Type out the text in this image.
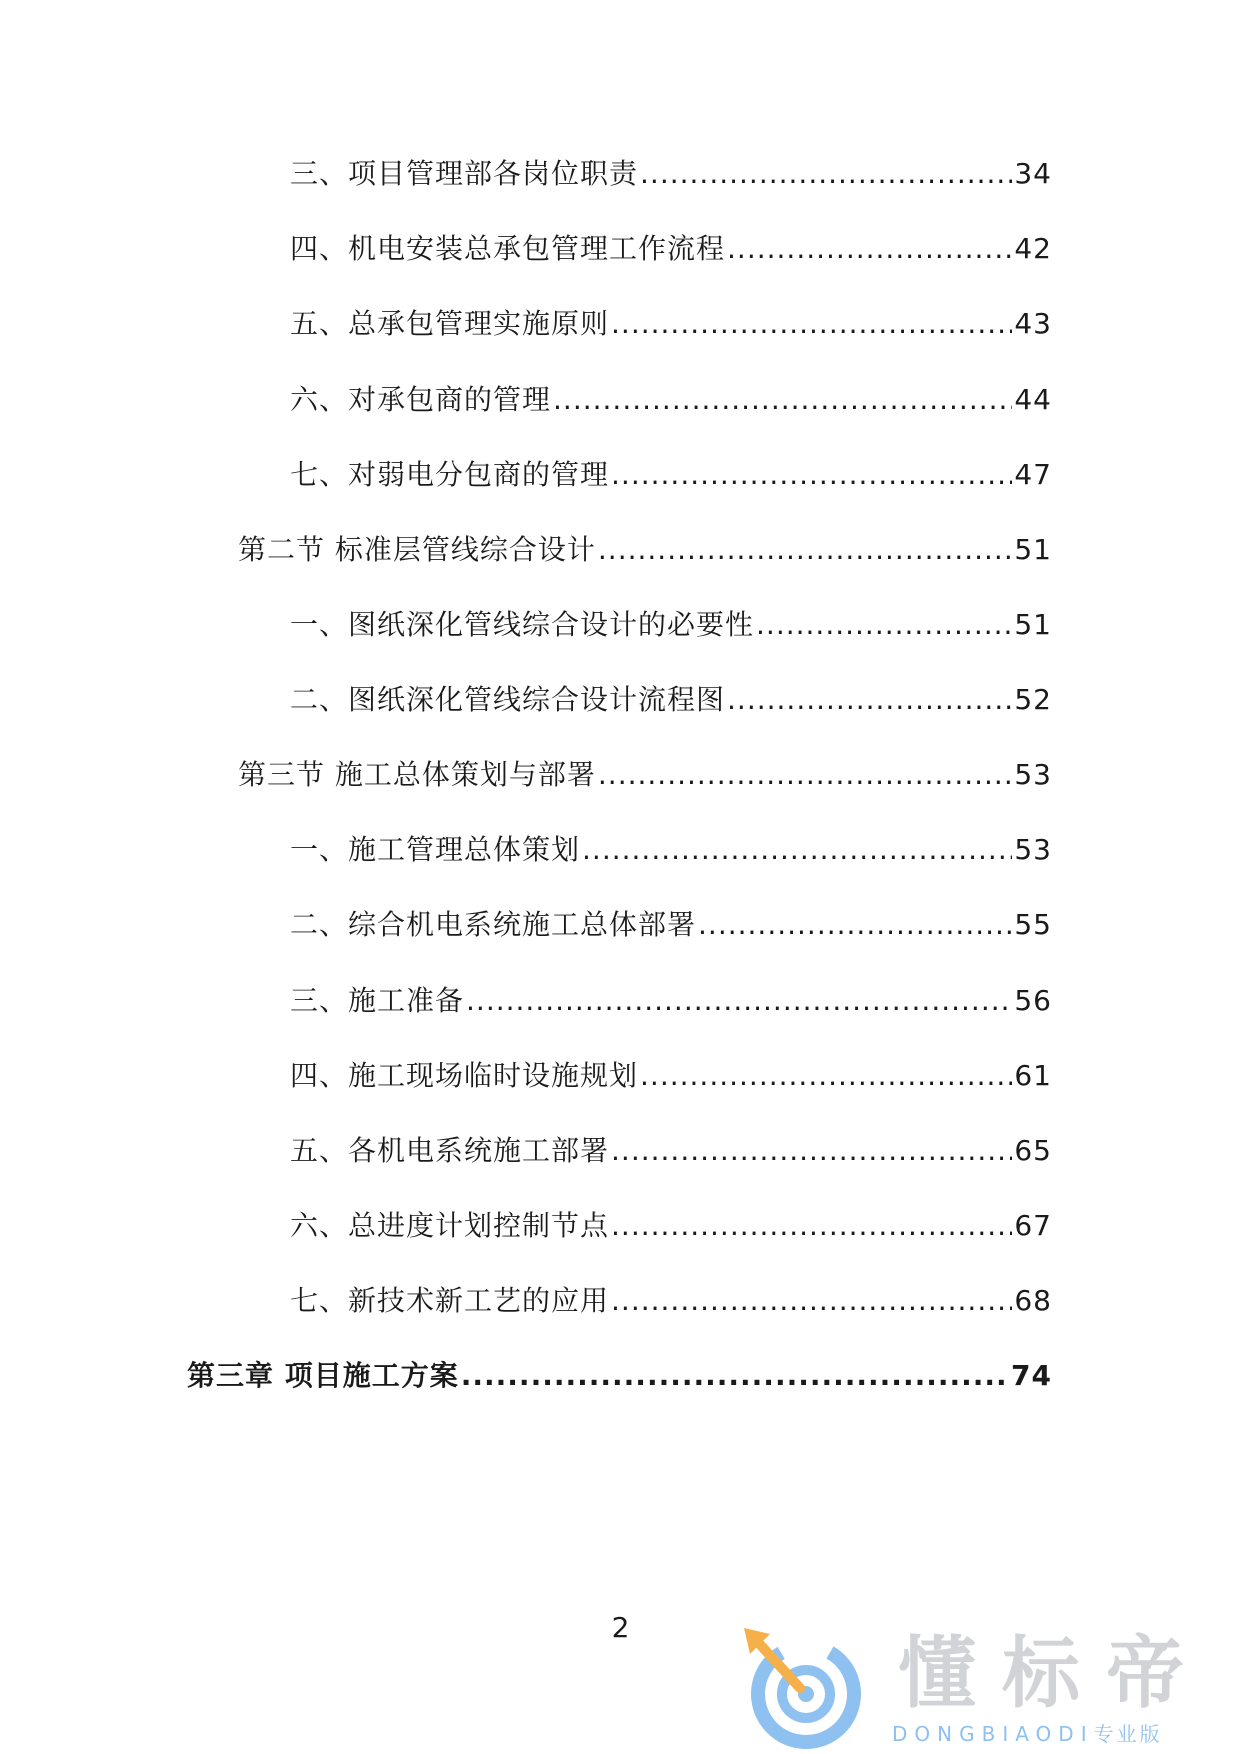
三、项目管理部各岗位职责 .....	34
四、机电安装总承包管理工作流程 .....	42
五、总承包管理实施原则 .....	43
六、对承包商的管理 .....	44
七、对弱电分包商的管理 .....	47
第二节 标准层管线综合设计 .....	51
一、图纸深化管线综合设计的必要性 .....	51
二、图纸深化管线综合设计流程图 .....	52
第三节 施工总体策划与部署 .....	53
一、施工管理总体策划 .....	53
二、综合机电系统施工总体部署 .....	55
三、施工准备 .....	56
四、施工现场临时设施规划 .....	61
五、各机电系统施工部署 .....	65
六、总进度计划控制节点 .....	67
七、新技术新工艺的应用 .....	68
第三章 项目施工方案 .....	74
2
懂标帝
DONGBIAODI专业版
